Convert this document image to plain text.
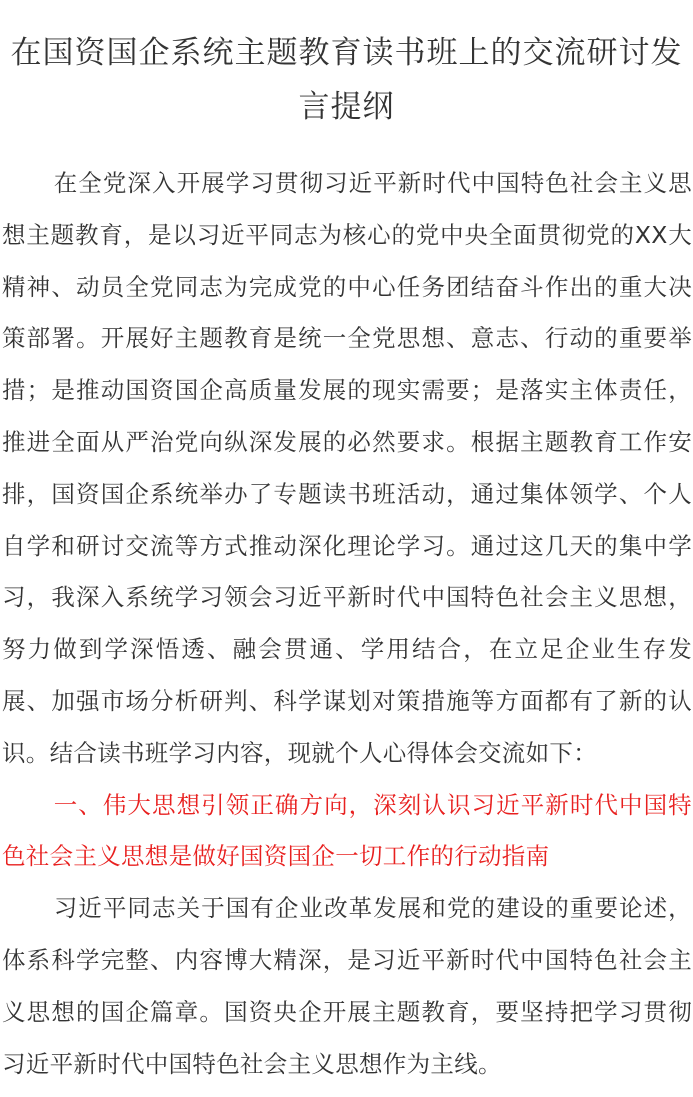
在国资国企系统主题教育读书班上的交流研讨发言提纲

在全党深入开展学习贯彻习近平新时代中国特色社会主义思想主题教育，是以习近平同志为核心的党中央全面贯彻党的XX大精神、动员全党同志为完成党的中心任务团结奋斗作出的重大决策部署。开展好主题教育是统一全党思想、意志、行动的重要举措；是推动国资国企高质量发展的现实需要；是落实主体责任，推进全面从严治党向纵深发展的必然要求。根据主题教育工作安排，国资国企系统举办了专题读书班活动，通过集体领学、个人自学和研讨交流等方式推动深化理论学习。通过这几天的集中学习，我深入系统学习领会习近平新时代中国特色社会主义思想，努力做到学深悟透、融会贯通、学用结合，在立足企业生存发展、加强市场分析研判、科学谋划对策措施等方面都有了新的认识。结合读书班学习内容，现就个人心得体会交流如下：

一、伟大思想引领正确方向，深刻认识习近平新时代中国特色社会主义思想是做好国资国企一切工作的行动指南

习近平同志关于国有企业改革发展和党的建设的重要论述，体系科学完整、内容博大精深，是习近平新时代中国特色社会主义思想的国企篇章。国资央企开展主题教育，要坚持把学习贯彻习近平新时代中国特色社会主义思想作为主线。
